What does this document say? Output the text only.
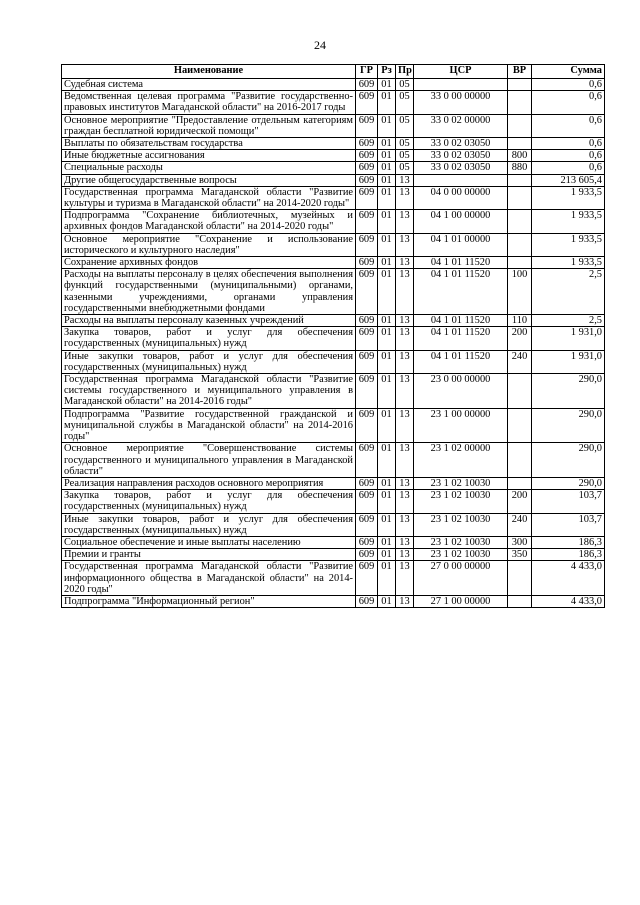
24
Наименование	ГР	Рз	Пр	ЦСР	ВР	Сумма
Судебная система	609	01	05			0,6
Ведомственная целевая программа "Развитие государственно-правовых институтов Магаданской области" на 2016-2017 годы	609	01	05	33 0 00 00000		0,6
Основное мероприятие "Предоставление отдельным категориям граждан бесплатной юридической помощи"	609	01	05	33 0 02 00000		0,6
Выплаты по обязательствам государства	609	01	05	33 0 02 03050		0,6
Иные бюджетные ассигнования	609	01	05	33 0 02 03050	800	0,6
Специальные расходы	609	01	05	33 0 02 03050	880	0,6
Другие общегосударственные вопросы	609	01	13			213 605,4
Государственная программа Магаданской области "Развитие культуры и туризма в Магаданской области" на 2014-2020 годы"	609	01	13	04 0 00 00000		1 933,5
Подпрограмма "Сохранение библиотечных, музейных и архивных фондов Магаданской области" на 2014-2020 годы"	609	01	13	04 1 00 00000		1 933,5
Основное мероприятие "Сохранение и использование исторического и культурного наследия"	609	01	13	04 1 01 00000		1 933,5
Сохранение архивных фондов	609	01	13	04 1 01 11520		1 933,5
Расходы на выплаты персоналу в целях обеспечения выполнения функций государственными (муниципальными) органами, казенными учреждениями, органами управления государственными внебюджетными фондами	609	01	13	04 1 01 11520	100	2,5
Расходы на выплаты персоналу казенных учреждений	609	01	13	04 1 01 11520	110	2,5
Закупка товаров, работ и услуг для обеспечения государственных (муниципальных) нужд	609	01	13	04 1 01 11520	200	1 931,0
Иные закупки товаров, работ и услуг для обеспечения государственных (муниципальных) нужд	609	01	13	04 1 01 11520	240	1 931,0
Государственная программа Магаданской области "Развитие системы государственного и муниципального управления в Магаданской области" на 2014-2016 годы"	609	01	13	23 0 00 00000		290,0
Подпрограмма "Развитие государственной гражданской и муниципальной службы в Магаданской области" на 2014-2016 годы"	609	01	13	23 1 00 00000		290,0
Основное мероприятие "Совершенствование системы государственного и муниципального управления в Магаданской области"	609	01	13	23 1 02 00000		290,0
Реализация направления расходов основного мероприятия	609	01	13	23 1 02 10030		290,0
Закупка товаров, работ и услуг для обеспечения государственных (муниципальных) нужд	609	01	13	23 1 02 10030	200	103,7
Иные закупки товаров, работ и услуг для обеспечения государственных (муниципальных) нужд	609	01	13	23 1 02 10030	240	103,7
Социальное обеспечение и иные выплаты населению	609	01	13	23 1 02 10030	300	186,3
Премии и гранты	609	01	13	23 1 02 10030	350	186,3
Государственная программа Магаданской области "Развитие информационного общества в Магаданской области" на 2014-2020 годы"	609	01	13	27 0 00 00000		4 433,0
Подпрограмма "Информационный регион"	609	01	13	27 1 00 00000		4 433,0
